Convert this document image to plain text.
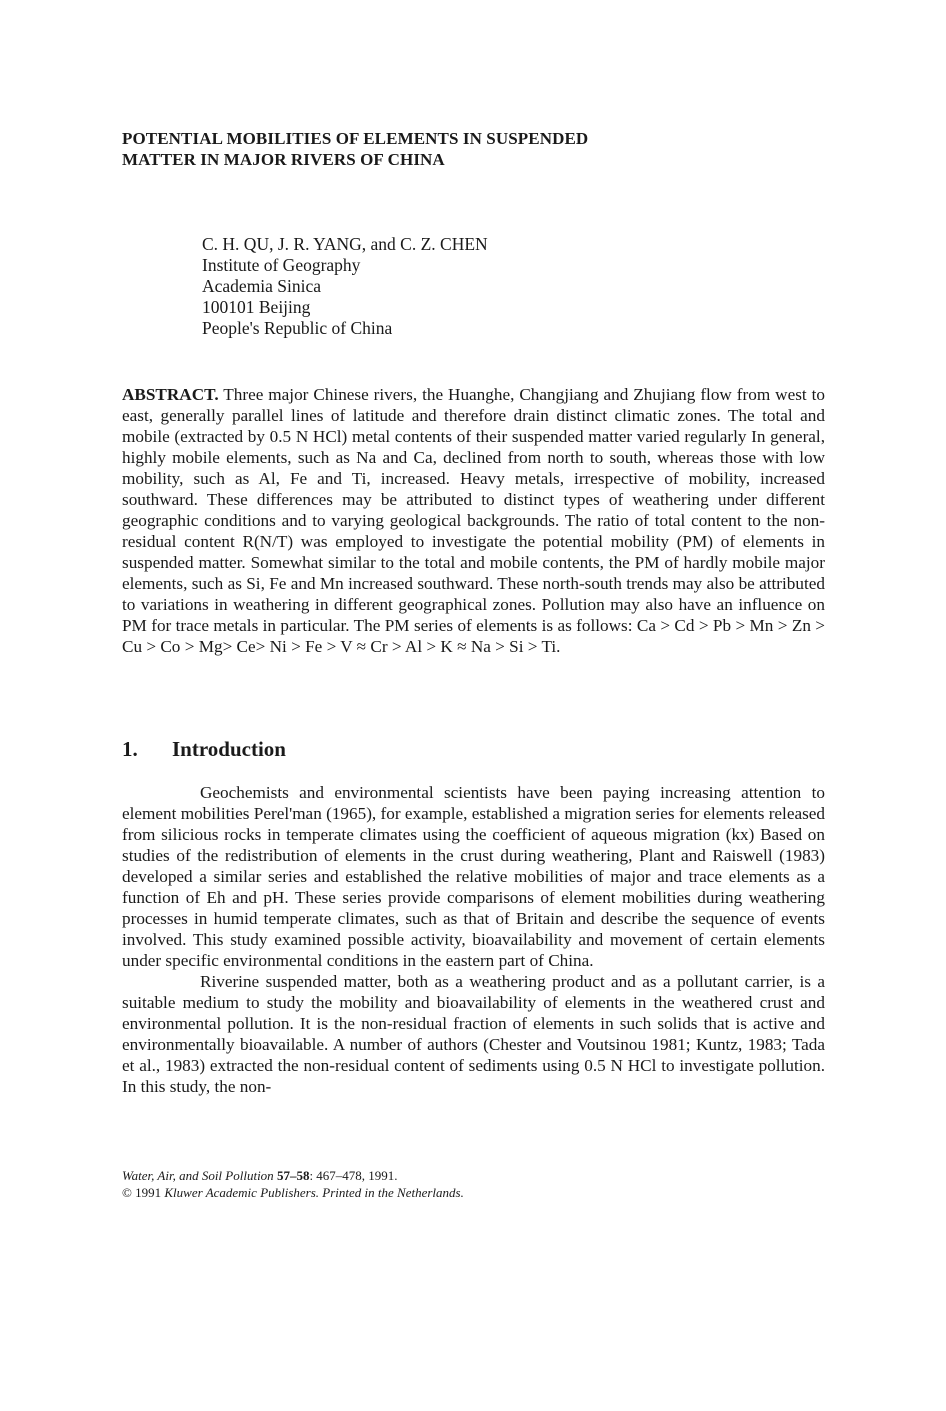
POTENTIAL MOBILITIES OF ELEMENTS IN SUSPENDED
MATTER IN MAJOR RIVERS OF CHINA
C. H. QU, J. R. YANG, and C. Z. CHEN
Institute of Geography
Academia Sinica
100101 Beijing
People's Republic of China
ABSTRACT. Three major Chinese rivers, the Huanghe, Changjiang and Zhujiang flow from west to east, generally parallel lines of latitude and therefore drain distinct climatic zones. The total and mobile (extracted by 0.5 N HCl) metal contents of their suspended matter varied regularly In general, highly mobile elements, such as Na and Ca, declined from north to south, whereas those with low mobility, such as Al, Fe and Ti, increased. Heavy metals, irrespective of mobility, increased southward. These differences may be attributed to distinct types of weathering under different geographic conditions and to varying geological backgrounds. The ratio of total content to the non-residual content R(N/T) was employed to investigate the potential mobility (PM) of elements in suspended matter. Somewhat similar to the total and mobile contents, the PM of hardly mobile major elements, such as Si, Fe and Mn increased southward. These north-south trends may also be attributed to variations in weathering in different geographical zones. Pollution may also have an influence on PM for trace metals in particular. The PM series of elements is as follows: Ca > Cd > Pb > Mn > Zn > Cu > Co > Mg> Ce> Ni > Fe > V ≈ Cr > Al > K ≈ Na > Si > Ti.
1. Introduction

Geochemists and environmental scientists have been paying increasing attention to element mobilities Perel'man (1965), for example, established a migration series for elements released from silicious rocks in temperate climates using the coefficient of aqueous migration (kx) Based on studies of the redistribution of elements in the crust during weathering, Plant and Raiswell (1983) developed a similar series and established the relative mobilities of major and trace elements as a function of Eh and pH. These series provide comparisons of element mobilities during weathering processes in humid temperate climates, such as that of Britain and describe the sequence of events involved. This study examined possible activity, bioavailability and movement of certain elements under specific environmental conditions in the eastern part of China.

Riverine suspended matter, both as a weathering product and as a pollutant carrier, is a suitable medium to study the mobility and bioavailability of elements in the weathered crust and environmental pollution. It is the non-residual fraction of elements in such solids that is active and environmentally bioavailable. A number of authors (Chester and Voutsinou 1981; Kuntz, 1983; Tada et al., 1983) extracted the non-residual content of sediments using 0.5 N HCl to investigate pollution. In this study, the non-

Water, Air, and Soil Pollution 57–58: 467–478, 1991.
© 1991 Kluwer Academic Publishers. Printed in the Netherlands.
